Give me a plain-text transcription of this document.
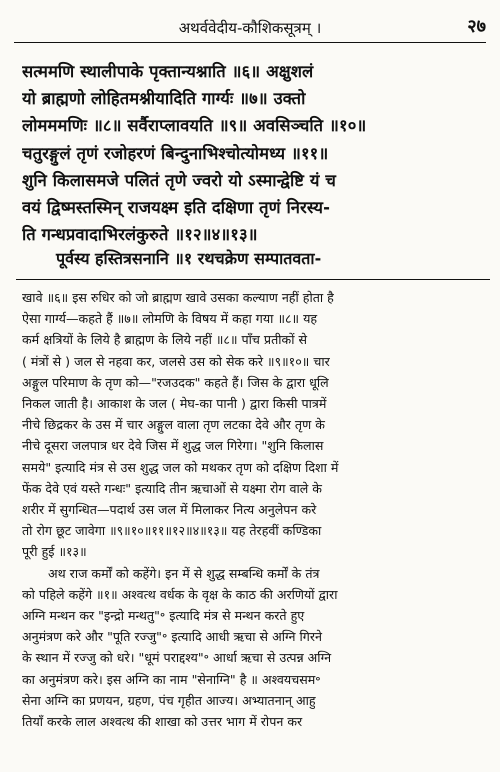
अथर्ववेदीय-कौशिकसूत्रम् ।	२७
सत्ममणि स्थालीपाके पृक्तान्यश्नाति ॥६॥ अक्षुशलं
यो ब्राह्मणो लोहितमश्नीयादिति गार्ग्यः ॥७॥ उक्तो
लोमममणिः ॥८॥ सर्वैराप्लावयति ॥९॥ अवसिञ्चति ॥१०॥
चतुरङ्गुलं तृणं रजोहरणं बिन्दुनाभिश्चोत्योमध्य ॥११॥
शुनि किलासमजे पलितं तृणे ज्वरो यो ऽस्मान्द्वेष्टि यं च
वयं द्विष्मस्तस्मिन् राजयक्ष्म इति दक्षिणा तृणं निरस्य-
ति गन्धप्रवादाभिरलंकुरुते ॥१२॥४॥१३॥
पूर्वस्य हस्तित्रसनानि ॥१ रथचक्रेण सम्पातवता-
खावे ॥६॥ इस रुधिर को जो ब्राह्मण खावे उसका कल्याण नहीं होता है
ऐसा गार्ग्य—कहते हैं ॥७॥ लोमणि के विषय में कहा गया ॥८॥ यह
कर्म क्षत्रियों के लिये है ब्राह्मण के लिये नहीं ॥८॥ पाँच प्रतीकों से
( मंत्रों से ) जल से नहवा कर, जलसे उस को सेक करे ॥९॥१०॥ चार
अङ्गुल परिमाण के तृण को—"रजउदक" कहते हैं। जिस के द्वारा धूलि
निकल जाती है। आकाश के जल ( मेघ-का पानी ) द्वारा किसी पात्रमें
नीचे छिद्रकर के उस में चार अङ्गुल वाला तृण लटका देवे और तृण के
नीचे दूसरा जलपात्र धर देवे जिस में शुद्ध जल गिरेगा। "शुनि किलास
समये" इत्यादि मंत्र से उस शुद्ध जल को मथकर तृण को दक्षिण दिशा में
फेंक देवे एवं यस्ते गन्धः" इत्यादि तीन ऋचाओं से यक्ष्मा रोग वाले के
शरीर में सुगन्धित—पदार्थ उस जल में मिलाकर नित्य अनुलेपन करे
तो रोग छूट जावेगा ॥९॥१०॥११॥१२॥४॥१३॥ यह तेरहवीं कण्डिका
पूरी हुई ॥१३॥
अथ राज कर्मों को कहेंगे। इन में से शुद्ध सम्बन्धि कर्मों के तंत्र
को पहिले कहेंगे ॥१॥ अश्वत्थ वर्धक के वृक्ष के काठ की अरणियों द्वारा
अग्नि मन्थन कर "इन्द्रो मन्थतु"॰ इत्यादि मंत्र से मन्थन करते हुए
अनुमंत्रण करे और "पूति रज्जु"॰ इत्यादि आधी ऋचा से अग्नि गिरने
के स्थान में रज्जु को धरे। "धूमं पराद्दश्य"॰ आर्धा ऋचा से उत्पन्न अग्नि
का अनुमंत्रण करे। इस अग्नि का नाम "सेनाग्नि" है ॥ अश्वयचसम॰
सेना अग्नि का प्रणयन, ग्रहण, पंच गृहीत आज्य। अभ्यातनान् आहु
तियाँ करके लाल अश्वत्थ की शाखा को उत्तर भाग में रोपन कर
